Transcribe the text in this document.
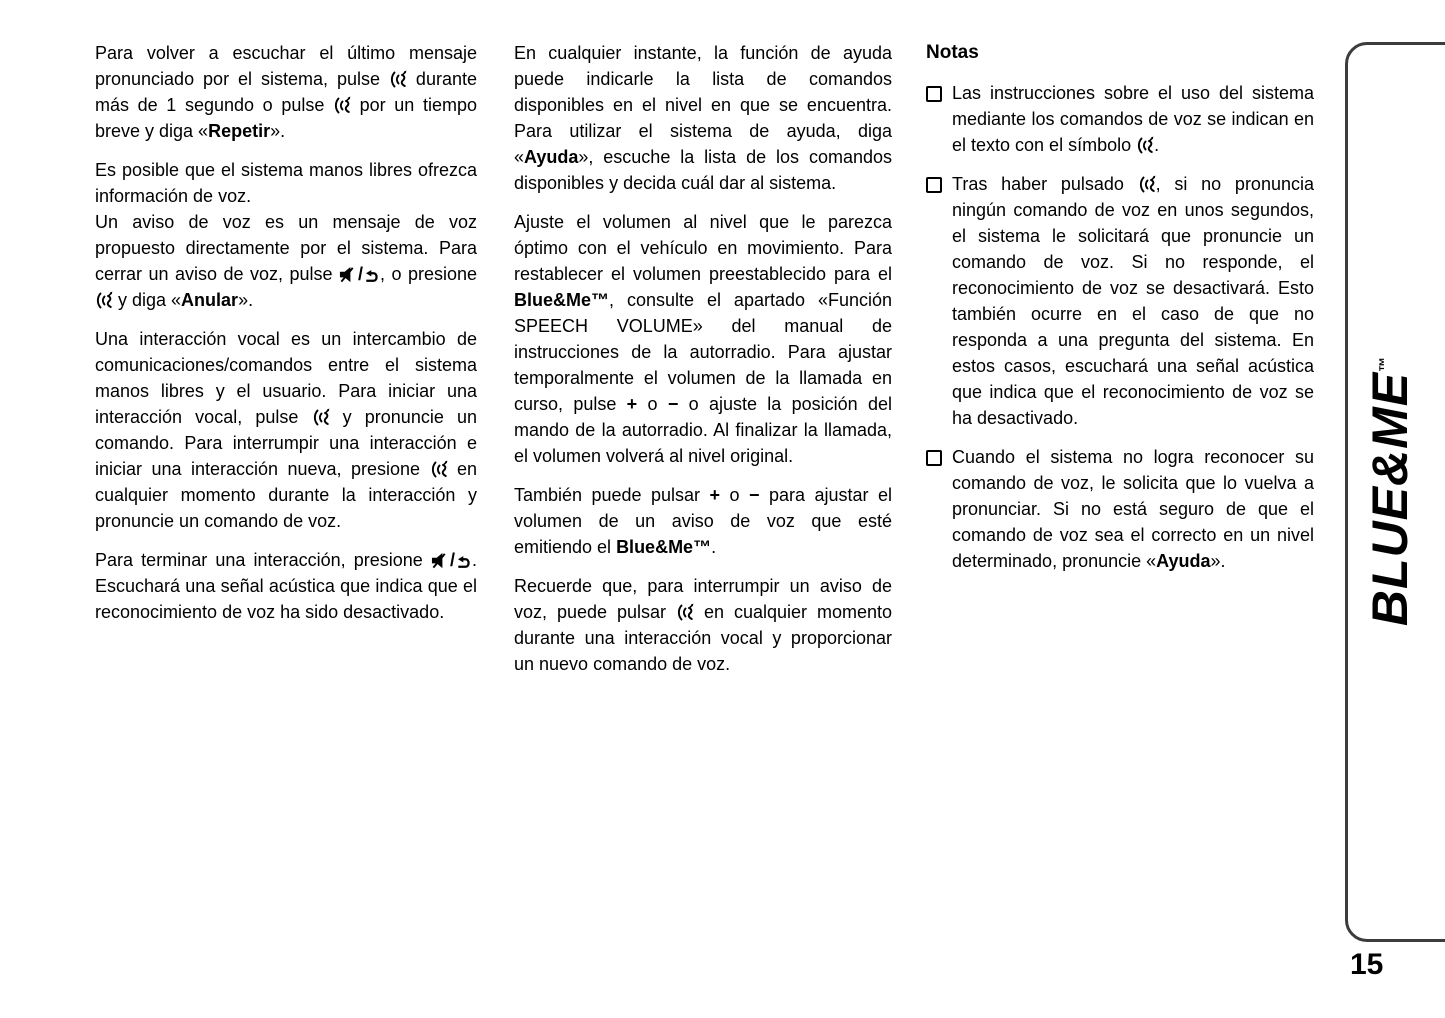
Para volver a escuchar el último mensaje pronunciado por el sistema, pulse
durante más de 1 segundo o pulse
por un tiempo breve y diga «Repetir».

Es posible que el sistema manos libres ofrezca información de voz.
Un aviso de voz es un mensaje de voz propuesto directamente por el sistema. Para cerrar un aviso de voz, pulse
/ , o presione
y diga «Anular».

Una interacción vocal es un intercambio de comunicaciones/comandos entre el sistema manos libres y el usuario. Para iniciar una interacción vocal, pulse
y pronuncie un comando. Para interrumpir una interacción e iniciar una interacción nueva, presione
en cualquier momento durante la interacción y pronuncie un comando de voz.

Para terminar una interacción, presione
/ . Escuchará una señal acústica que indica que el reconocimiento de voz ha sido desactivado.

En cualquier instante, la función de ayuda puede indicarle la lista de comandos disponibles en el nivel en que se encuentra. Para utilizar el sistema de ayuda, diga «Ayuda», escuche la lista de los comandos disponibles y decida cuál dar al sistema.

Ajuste el volumen al nivel que le parezca óptimo con el vehículo en movimiento. Para restablecer el volumen preestablecido para el Blue&Me™, consulte el apartado «Función SPEECH VOLUME» del manual de instrucciones de la autorradio. Para ajustar temporalmente el volumen de la llamada en curso, pulse + o − o ajuste la posición del mando de la autorradio. Al finalizar la llamada, el volumen volverá al nivel original.

También puede pulsar + o − para ajustar el volumen de un aviso de voz que esté emitiendo el Blue&Me™.

Recuerde que, para interrumpir un aviso de voz, puede pulsar
en cualquier momento durante una interacción vocal y proporcionar un nuevo comando de voz.

Notas

Las instrucciones sobre el uso del sistema mediante los comandos de voz se indican en el texto con el símbolo
.

Tras haber pulsado
, si no pronuncia ningún comando de voz en unos segundos, el sistema le solicitará que pronuncie un comando de voz. Si no responde, el reconocimiento de voz se desactivará. Esto también ocurre en el caso de que no responda a una pregunta del sistema. En estos casos, escuchará una señal acústica que indica que el reconocimiento de voz se ha desactivado.

Cuando el sistema no logra reconocer su comando de voz, le solicita que lo vuelva a pronunciar. Si no está seguro de que el comando de voz sea el correcto en un nivel determinado, pronuncie «Ayuda».	BLUE&ME™
15
